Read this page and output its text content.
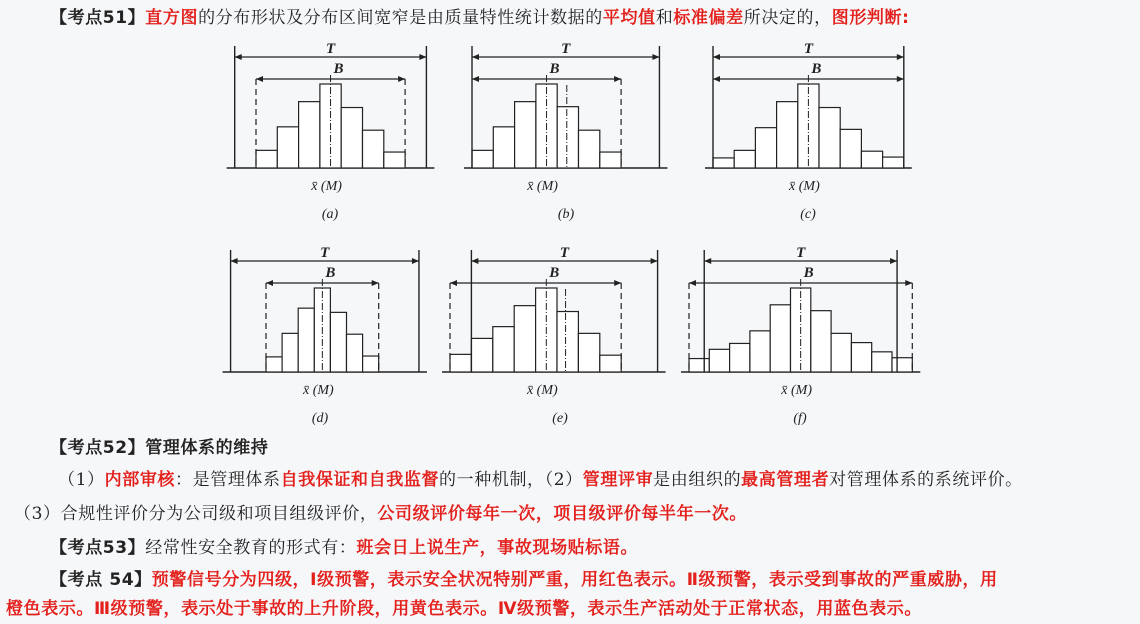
T
B
x̄ (M)
(a)
T
B
x̄ (M)
(b)
T
B
x̄ (M)
(c)
T
B
x̄ (M)
(d)
T
B
x̄ (M)
(e)
T
B
x̄ (M)
(f)
【考点51】直方图的分布形状及分布区间宽窄是由质量特性统计数据的平均值和标准偏差所决定的，图形判断:
【考点52】管理体系的维持
（1）内部审核：是管理体系自我保证和自我监督的一种机制，（2）管理评审是由组织的最高管理者对管理体系的系统评价。
（3）合规性评价分为公司级和项目组级评价，公司级评价每年一次，项目级评价每半年一次。
【考点53】经常性安全教育的形式有：班会日上说生产，事故现场贴标语。
【考点 54】预警信号分为四级，Ⅰ级预警，表示安全状况特别严重，用红色表示。Ⅱ级预警，表示受到事故的严重威胁，用
橙色表示。Ⅲ级预警，表示处于事故的上升阶段，用黄色表示。Ⅳ级预警，表示生产活动处于正常状态，用蓝色表示。
